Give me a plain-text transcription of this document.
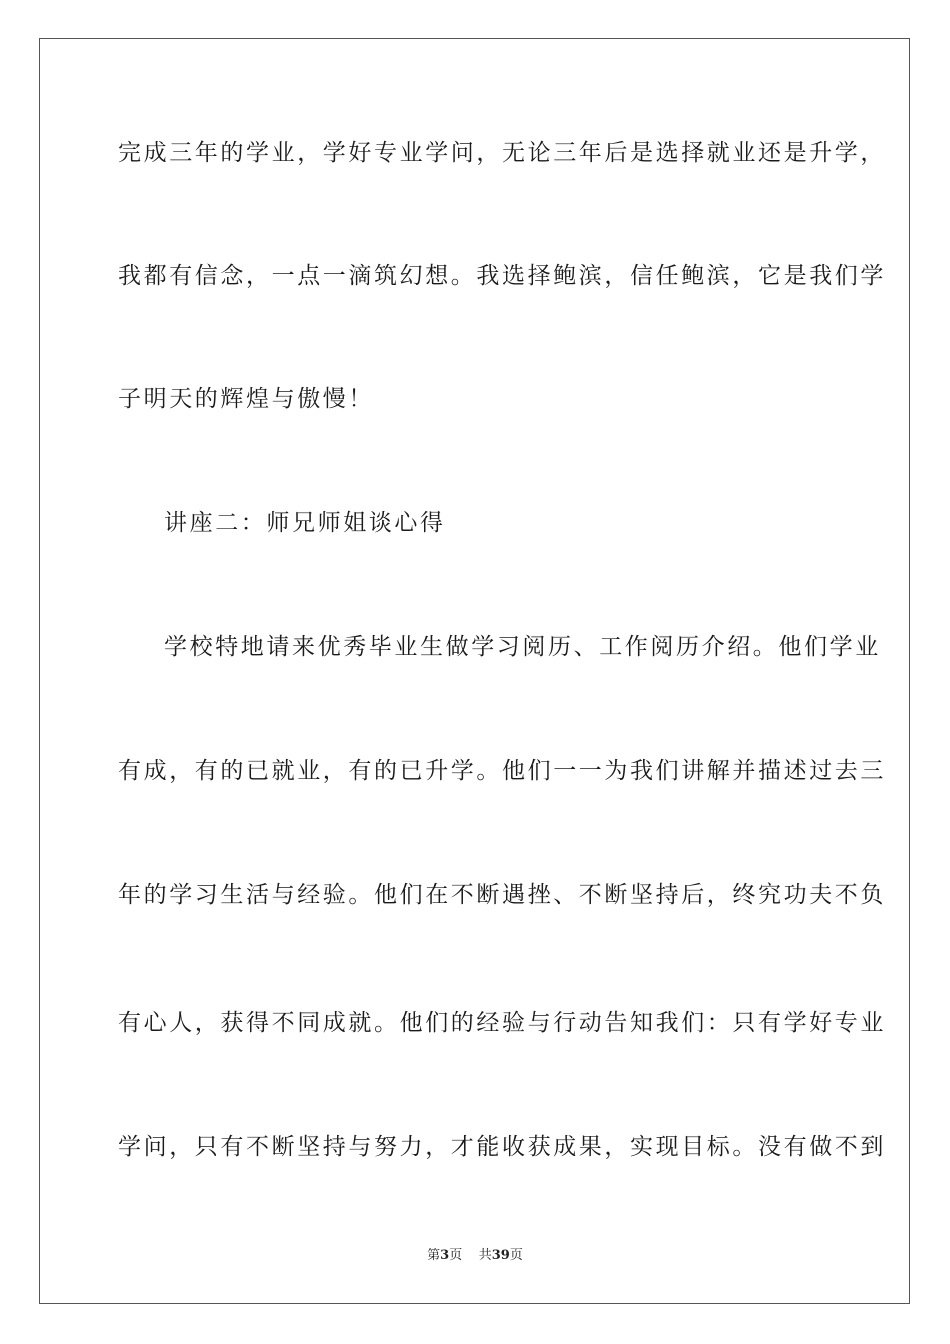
完成三年的学业，学好专业学问，无论三年后是选择就业还是升学，
我都有信念，一点一滴筑幻想。我选择鲍滨，信任鲍滨，它是我们学
子明天的辉煌与傲慢！
讲座二：师兄师姐谈心得
学校特地请来优秀毕业生做学习阅历、工作阅历介绍。他们学业
有成，有的已就业，有的已升学。他们一一为我们讲解并描述过去三
年的学习生活与经验。他们在不断遇挫、不断坚持后，终究功夫不负
有心人，获得不同成就。他们的经验与行动告知我们：只有学好专业
学问，只有不断坚持与努力，才能收获成果，实现目标。没有做不到
第3页 共39页
